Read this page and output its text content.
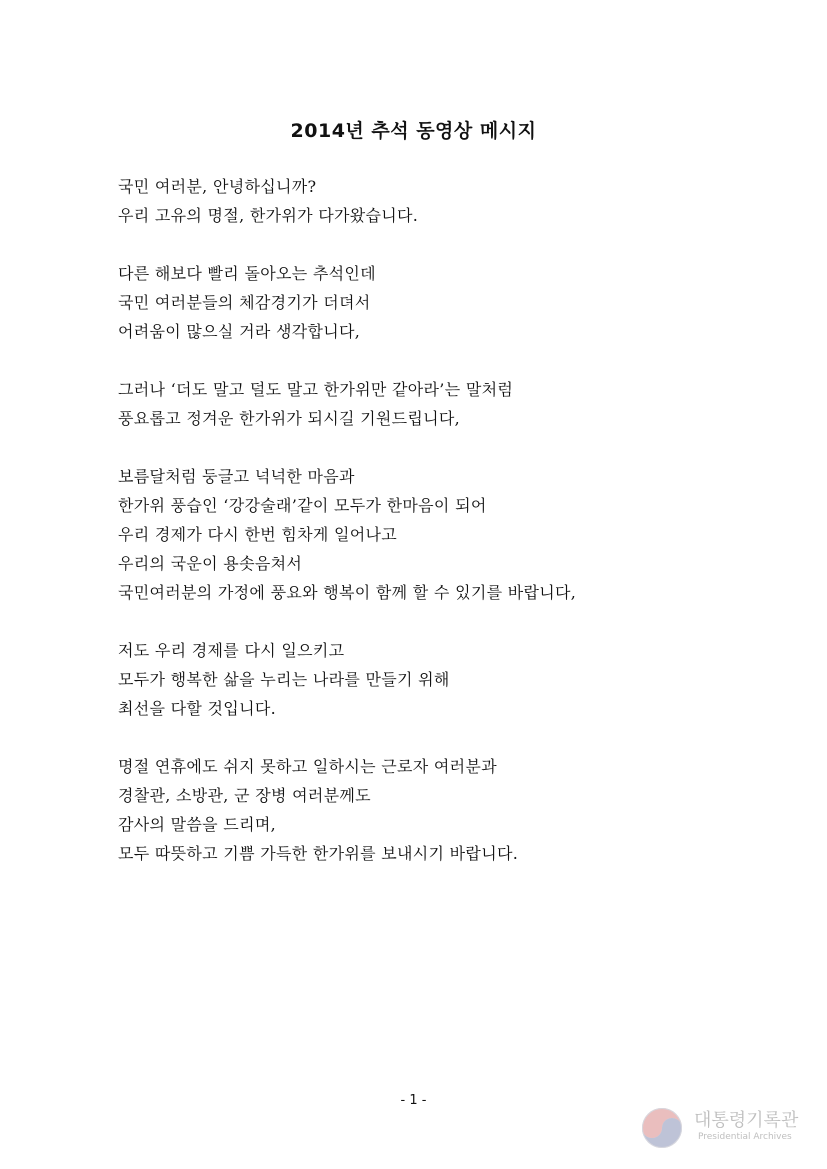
2014년 추석 동영상 메시지
국민 여러분, 안녕하십니까?
우리 고유의 명절, 한가위가 다가왔습니다.
다른 해보다 빨리 돌아오는 추석인데
국민 여러분들의 체감경기가 더뎌서
어려움이 많으실 거라 생각합니다,
그러나 ‘더도 말고 덜도 말고 한가위만 같아라’는 말처럼
풍요롭고 정겨운 한가위가 되시길 기원드립니다,
보름달처럼 둥글고 넉넉한 마음과
한가위 풍습인 ‘강강술래’같이 모두가 한마음이 되어
우리 경제가 다시 한번 힘차게 일어나고
우리의 국운이 용솟음쳐서
국민여러분의 가정에 풍요와 행복이 함께 할 수 있기를 바랍니다,
저도 우리 경제를 다시 일으키고
모두가 행복한 삶을 누리는 나라를 만들기 위해
최선을 다할 것입니다.
명절 연휴에도 쉬지 못하고 일하시는 근로자 여러분과
경찰관, 소방관, 군 장병 여러분께도
감사의 말씀을 드리며,
모두 따뜻하고 기쁨 가득한 한가위를 보내시기 바랍니다.
- 1 -
대통령기록관
Presidential Archives
